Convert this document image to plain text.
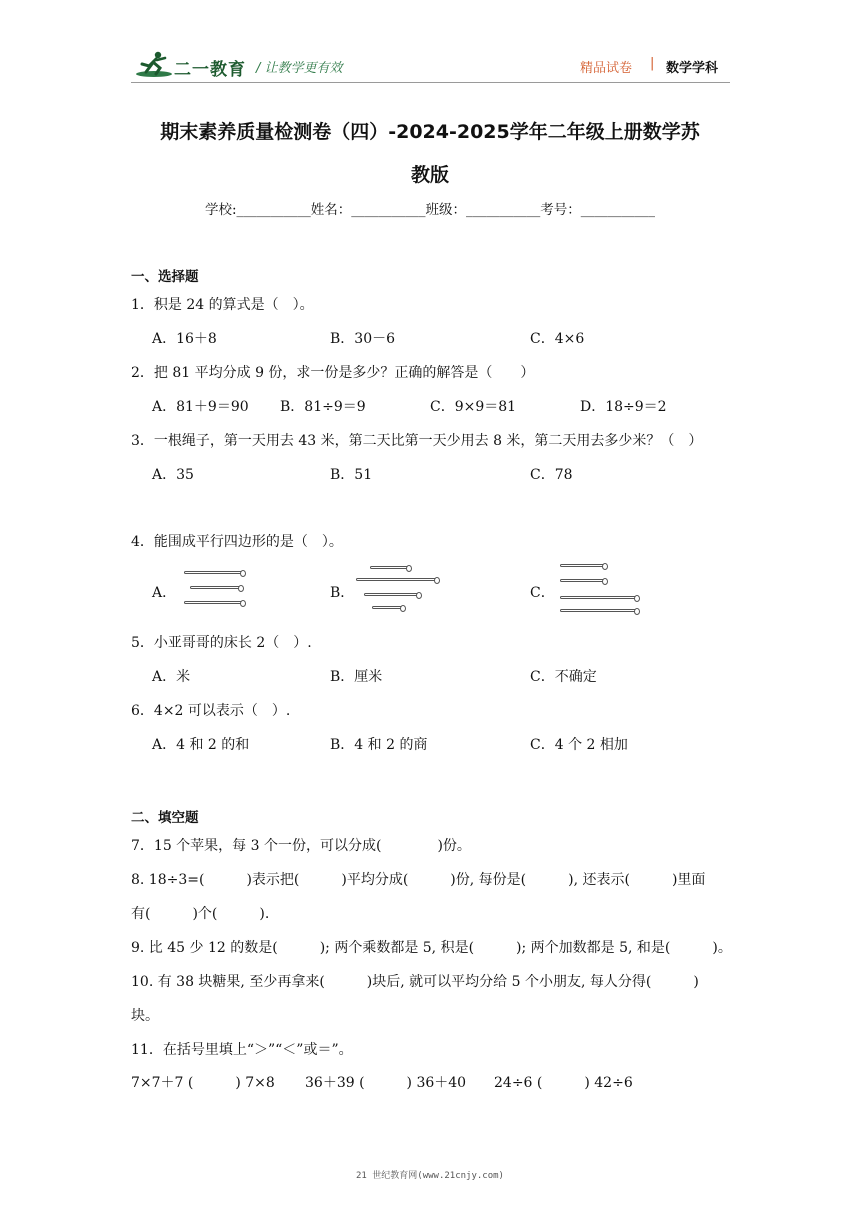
二一教育 / 让教学更有效	精品试卷 | 数学学科
期末素养质量检测卷（四）-2024-2025学年二年级上册数学苏
教版
学校:___________姓名：___________班级：___________考号：___________
一、选择题
1．积是 24 的算式是（　）。
A．16＋8	B．30－6	C．4×6
2．把 81 平均分成 9 份，求一份是多少？正确的解答是（　　）
A．81＋9＝90 B．81÷9＝9	C．9×9＝81	D．18÷9＝2
3．一根绳子，第一天用去 43 米，第二天比第一天少用去 8 米，第二天用去多少米？（　）
A．35	B．51	C．78
4．能围成平行四边形的是（　）。
A．	B．	C．
5．小亚哥哥的床长 2（　）.
A．米	B．厘米	C．不确定
6．4×2 可以表示（　）.
A．4 和 2 的和	B．4 和 2 的商	C．4 个 2 相加
二、填空题
7．15 个苹果，每 3 个一份，可以分成(　　　　)份。
8. 18÷3=(　　　)表示把(　　　)平均分成(　　　)份, 每份是(　　　), 还表示(　　　)里面
有(　　　)个(　　　).
9. 比 45 少 12 的数是(　　　); 两个乘数都是 5, 积是(　　　); 两个加数都是 5, 和是(　　　)。
10. 有 38 块糖果, 至少再拿来(　　　)块后, 就可以平均分给 5 个小朋友, 每人分得(　　　)
块。
11．在括号里填上“＞”“＜”或＝”。
7×7＋7 (　　　) 7×8 36＋39 (　　　) 36＋40 24÷6 (　　　) 42÷6
21 世纪教育网(www.21cnjy.com)
